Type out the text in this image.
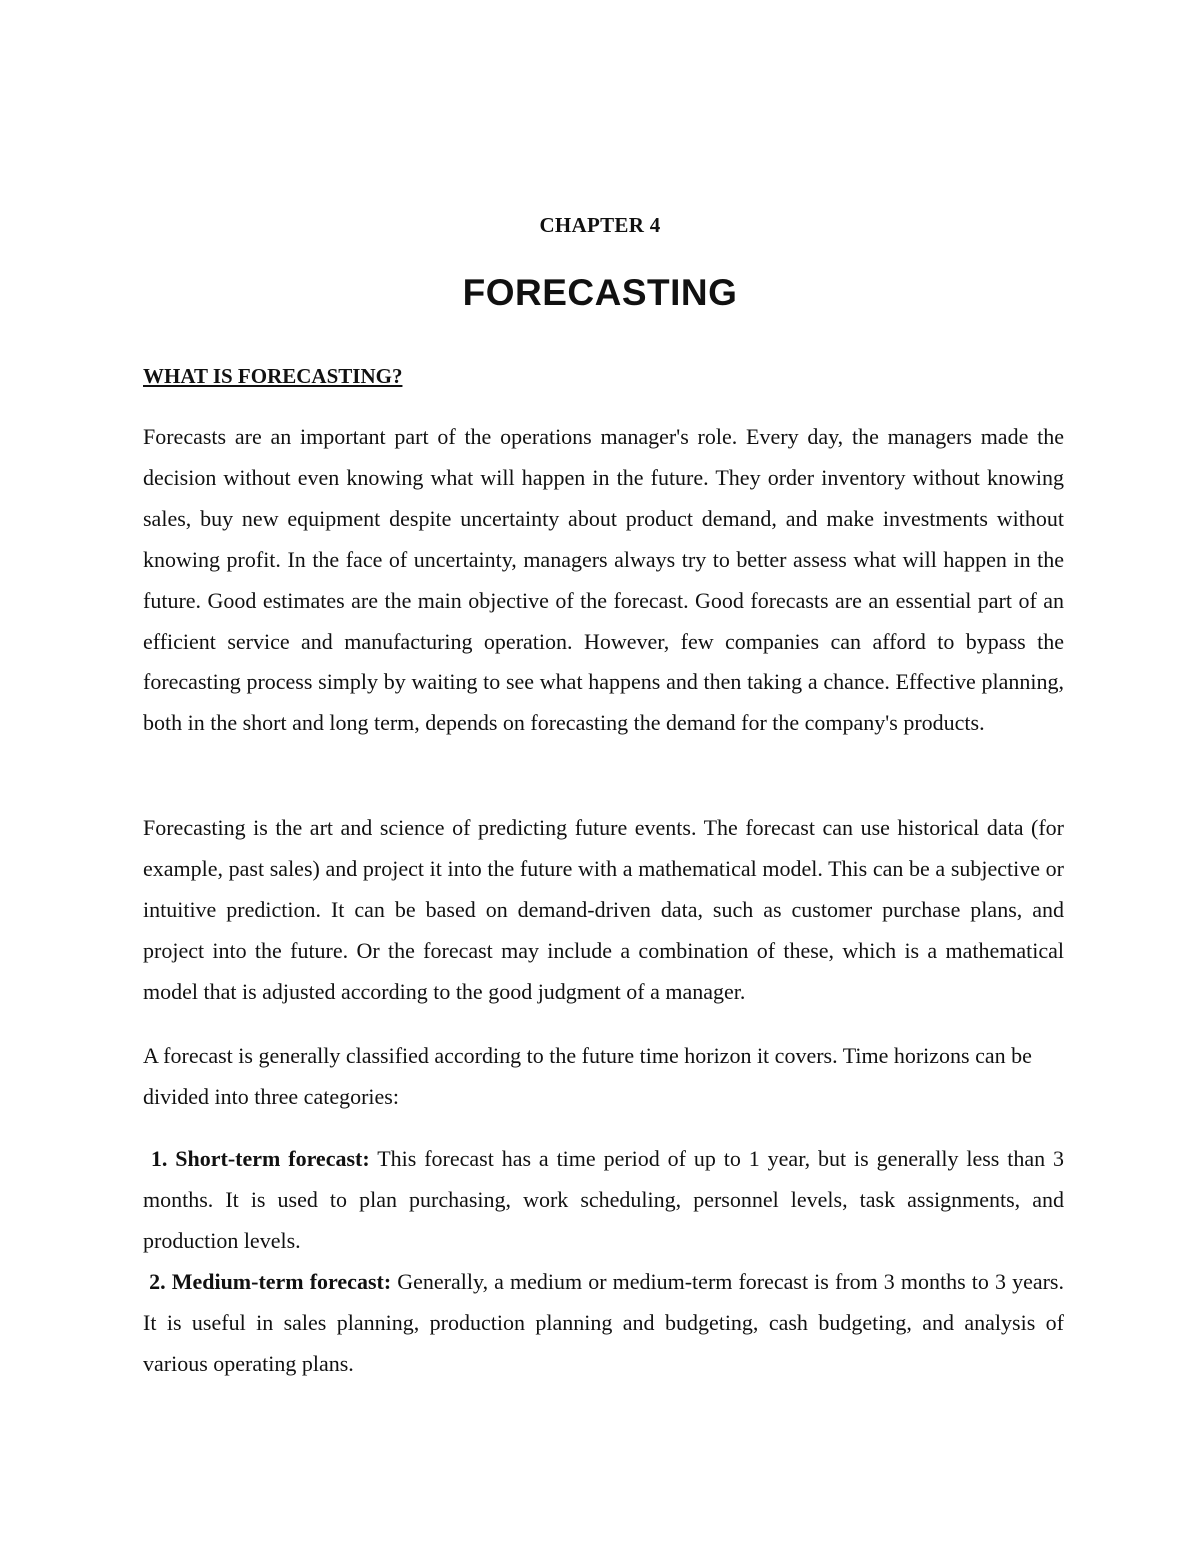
CHAPTER 4
FORECASTING
WHAT IS FORECASTING?

Forecasts are an important part of the operations manager's role. Every day, the managers made the decision without even knowing what will happen in the future. They order inventory without knowing sales, buy new equipment despite uncertainty about product demand, and make investments without knowing profit. In the face of uncertainty, managers always try to better assess what will happen in the future. Good estimates are the main objective of the forecast. Good forecasts are an essential part of an efficient service and manufacturing operation. However, few companies can afford to bypass the forecasting process simply by waiting to see what happens and then taking a chance. Effective planning, both in the short and long term, depends on forecasting the demand for the company's products.

Forecasting is the art and science of predicting future events. The forecast can use historical data (for example, past sales) and project it into the future with a mathematical model. This can be a subjective or intuitive prediction. It can be based on demand-driven data, such as customer purchase plans, and project into the future. Or the forecast may include a combination of these, which is a mathematical model that is adjusted according to the good judgment of a manager.

A forecast is generally classified according to the future time horizon it covers. Time horizons can be divided into three categories:

1. Short-term forecast: This forecast has a time period of up to 1 year, but is generally less than 3 months. It is used to plan purchasing, work scheduling, personnel levels, task assignments, and production levels.

2. Medium-term forecast: Generally, a medium or medium-term forecast is from 3 months to 3 years. It is useful in sales planning, production planning and budgeting, cash budgeting, and analysis of various operating plans.
